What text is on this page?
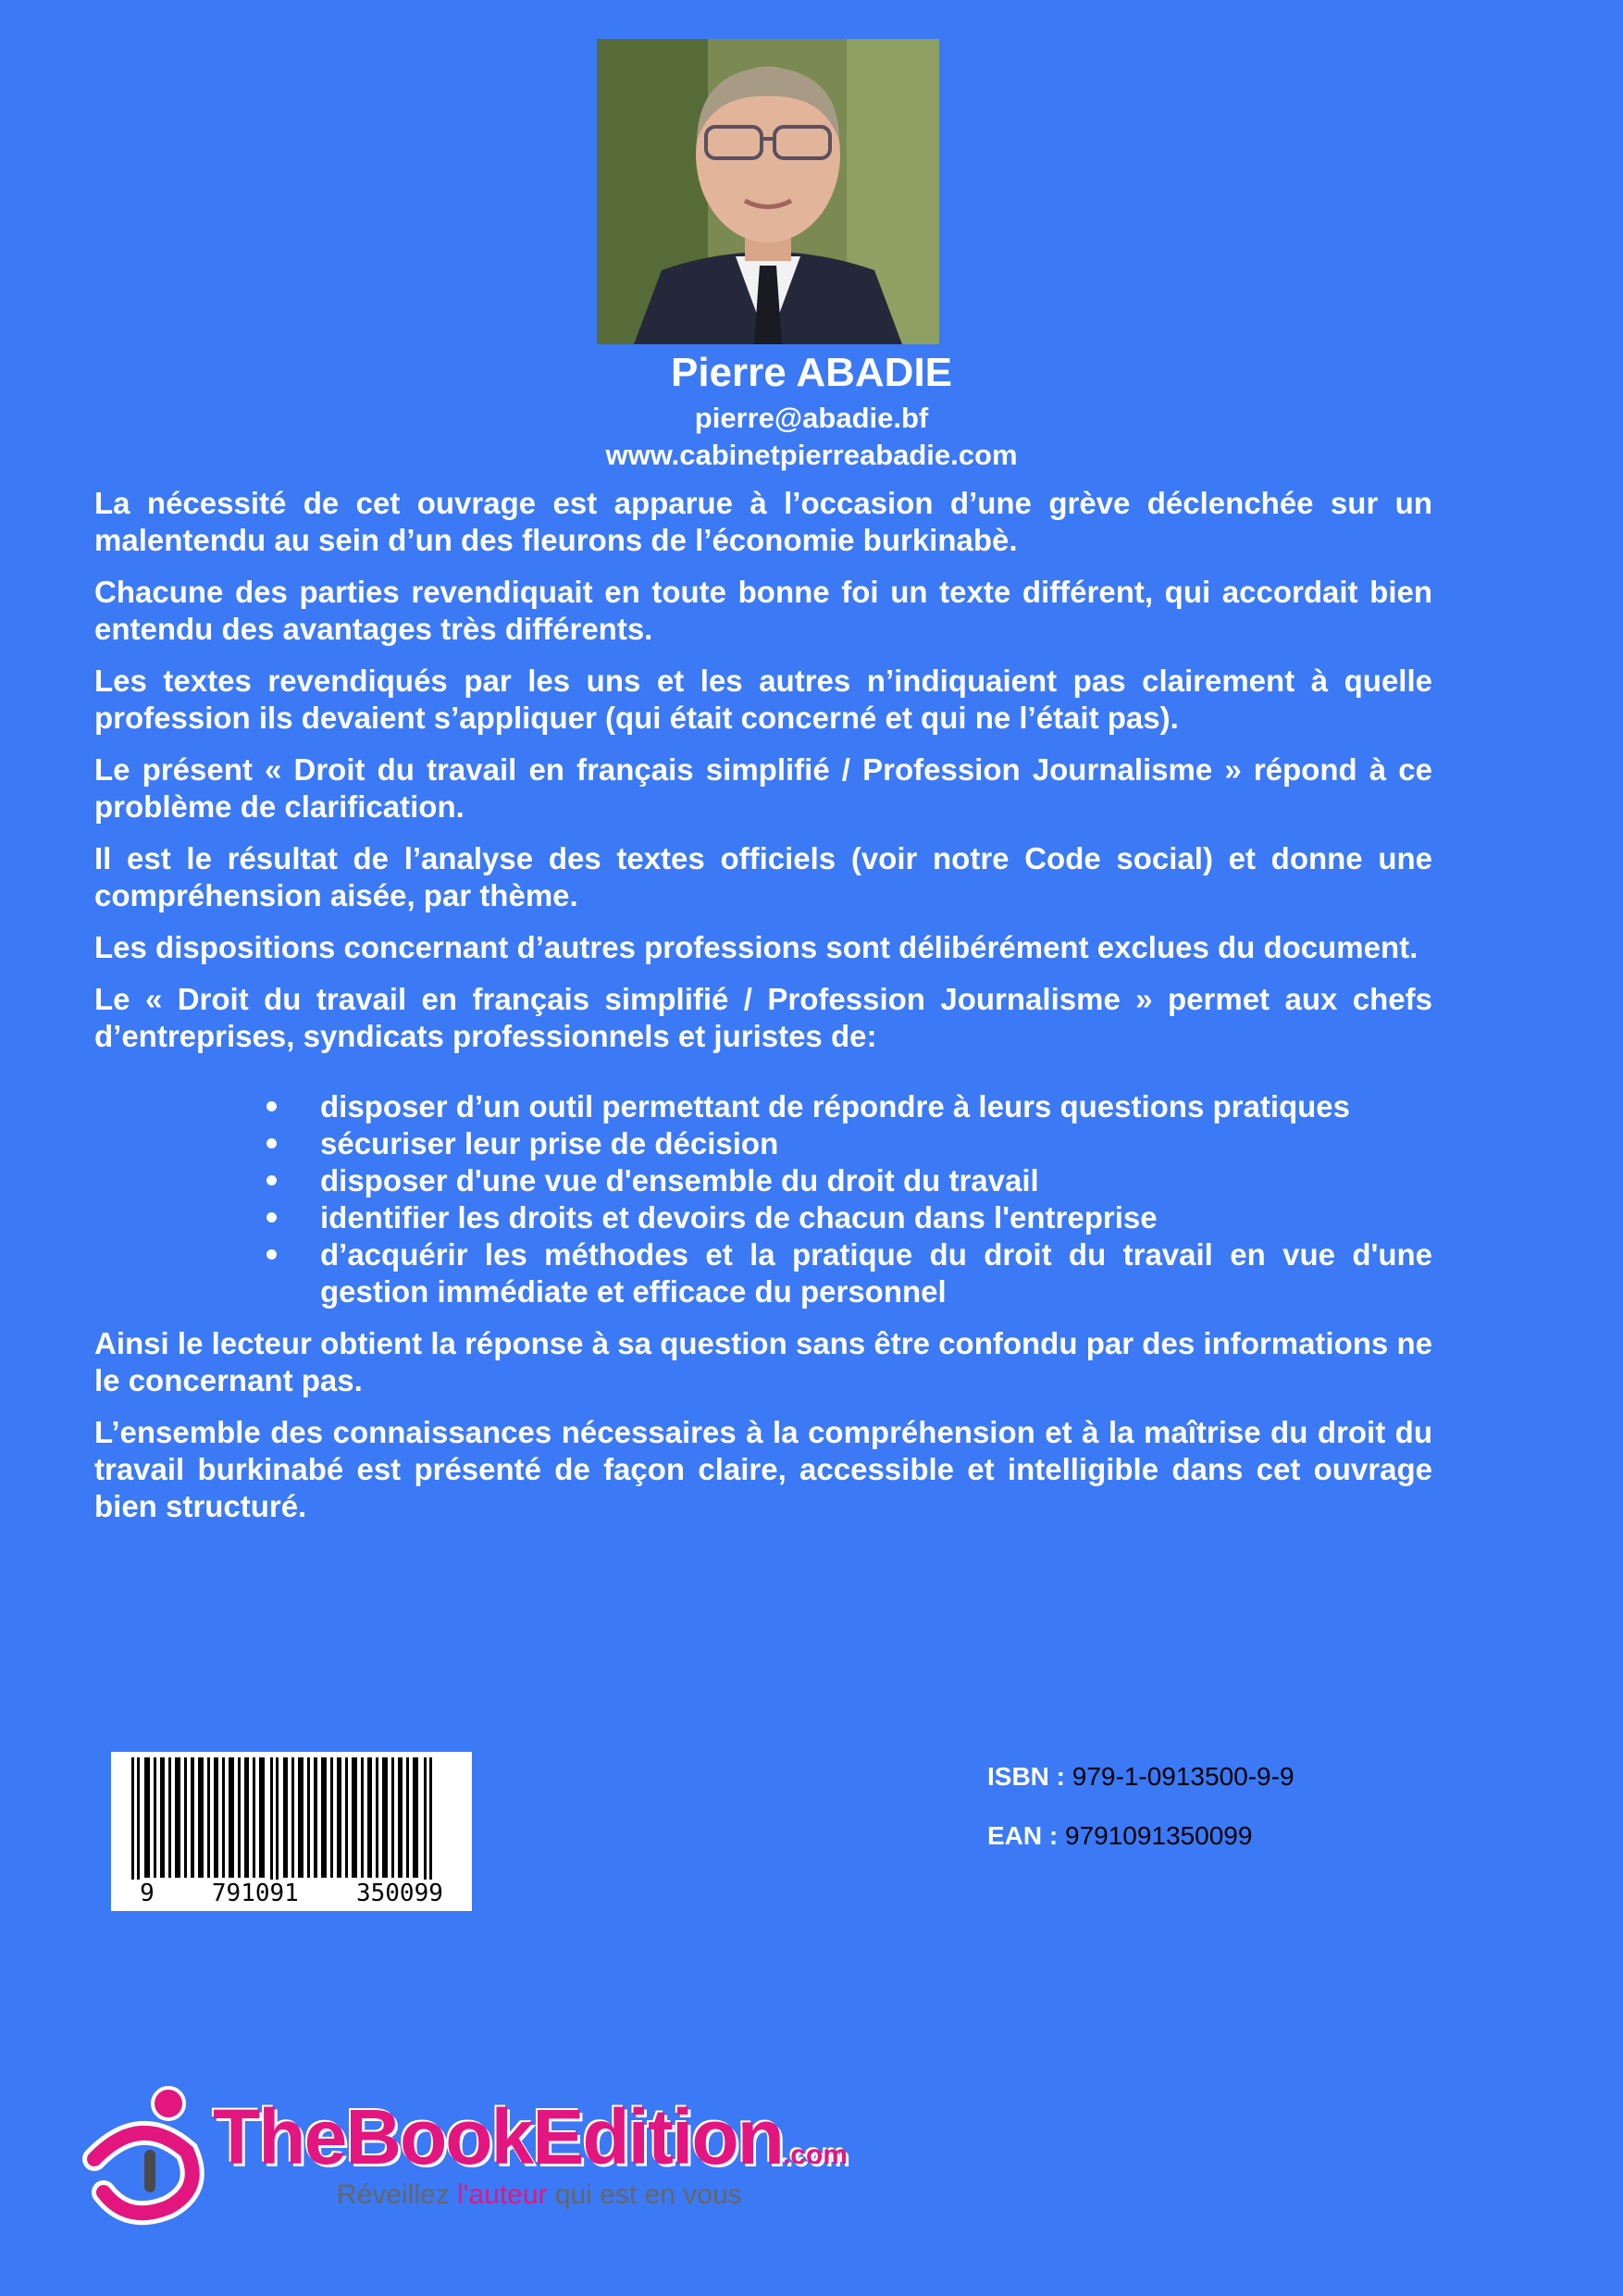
Pierre ABADIE
pierre@abadie.bf
www.cabinetpierreabadie.com

La nécessité de cet ouvrage est apparue à l’occasion d’une grève déclenchée sur un malentendu au sein d’un des fleurons de l’économie burkinabè.

Chacune des parties revendiquait en toute bonne foi un texte différent, qui accordait bien entendu des avantages très différents.

Les textes revendiqués par les uns et les autres n’indiquaient pas clairement à quelle profession ils devaient s’appliquer (qui était concerné et qui ne l’était pas).

Le présent « Droit du travail en français simplifié / Profession Journalisme » répond à ce problème de clarification.

Il est le résultat de l’analyse des textes officiels (voir notre Code social) et donne une compréhension aisée, par thème.

Les dispositions concernant d’autres professions sont délibérément exclues du document.

Le « Droit du travail en français simplifié / Profession Journalisme » permet aux chefs d’entreprises, syndicats professionnels et juristes de:

disposer d’un outil permettant de répondre à leurs questions pratiques
sécuriser leur prise de décision
disposer d'une vue d'ensemble du droit du travail
identifier les droits et devoirs de chacun dans l'entreprise
d’acquérir les méthodes et la pratique du droit du travail en vue d'une gestion immédiate et efficace du personnel

Ainsi le lecteur obtient la réponse à sa question sans être confondu par des informations ne le concernant pas.

L’ensemble des connaissances nécessaires à la compréhension et à la maîtrise du droit du travail burkinabé est présenté de façon claire, accessible et intelligible dans cet ouvrage bien structuré.

9 791091 350099
ISBN : 979-1-0913500-9-9
EAN : 9791091350099
TheBookEdition.com
Réveillez l'auteur qui est en vous
